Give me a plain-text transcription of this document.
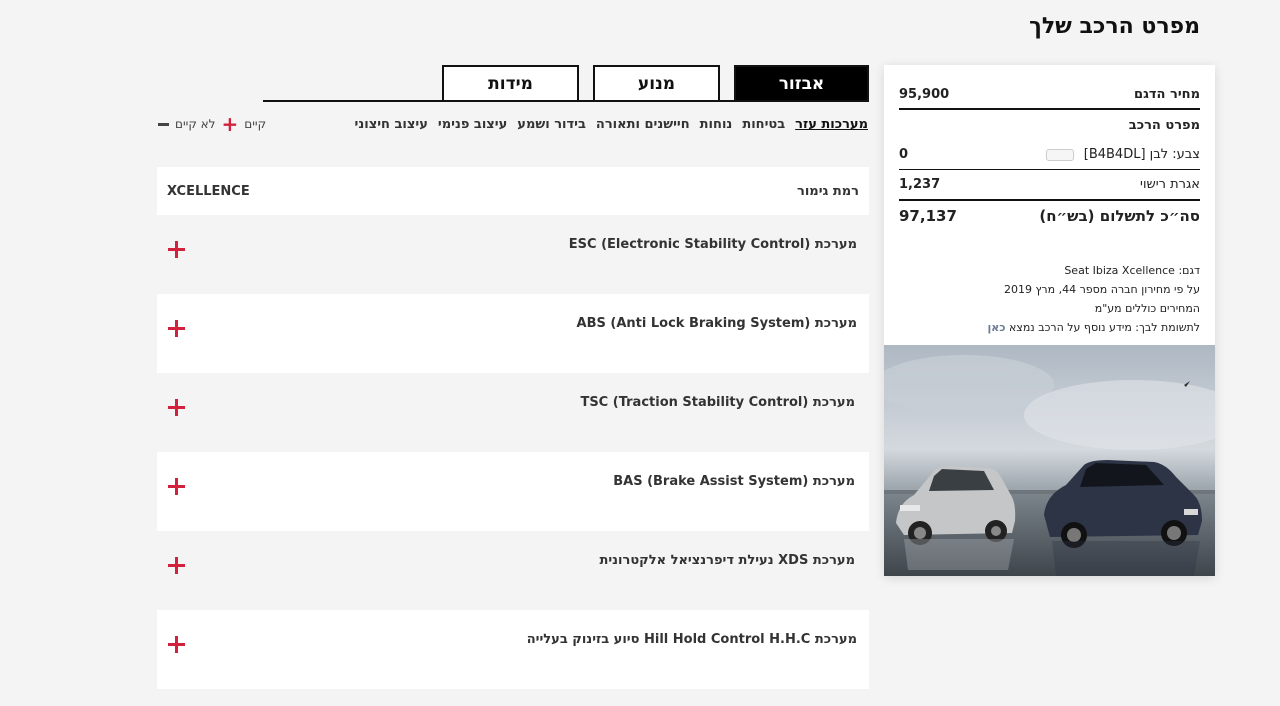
מפרט הרכב שלך
מחיר הדגם
95,900
מפרט הרכב
צבע: לבן [B4B4DL]
0
אגרת רישוי
1,237
סה״כ לתשלום (בש״ח)
97,137
דגם: Seat Ibiza Xcellence
על פי מחירון חברה מספר 44, מרץ 2019
המחירים כוללים מע"מ
לתשומת לבך: מידע נוסף על הרכב נמצא כאן
אבזור
מנוע
מידות
מערכות עזר
בטיחות
נוחות
חיישנים ותאורה
בידור ושמע
עיצוב פנימי
עיצוב חיצוני
קיים
+
לא קיים
רמת גימור
XCELLENCE
מערכת ESC (Electronic Stability Control)
מערכת ABS (Anti Lock Braking System)
מערכת TSC (Traction Stability Control)
מערכת BAS (Brake Assist System)
מערכת XDS נעילת דיפרנציאל אלקטרונית
מערכת Hill Hold Control H.H.C סיוע בזינוק בעלייה
